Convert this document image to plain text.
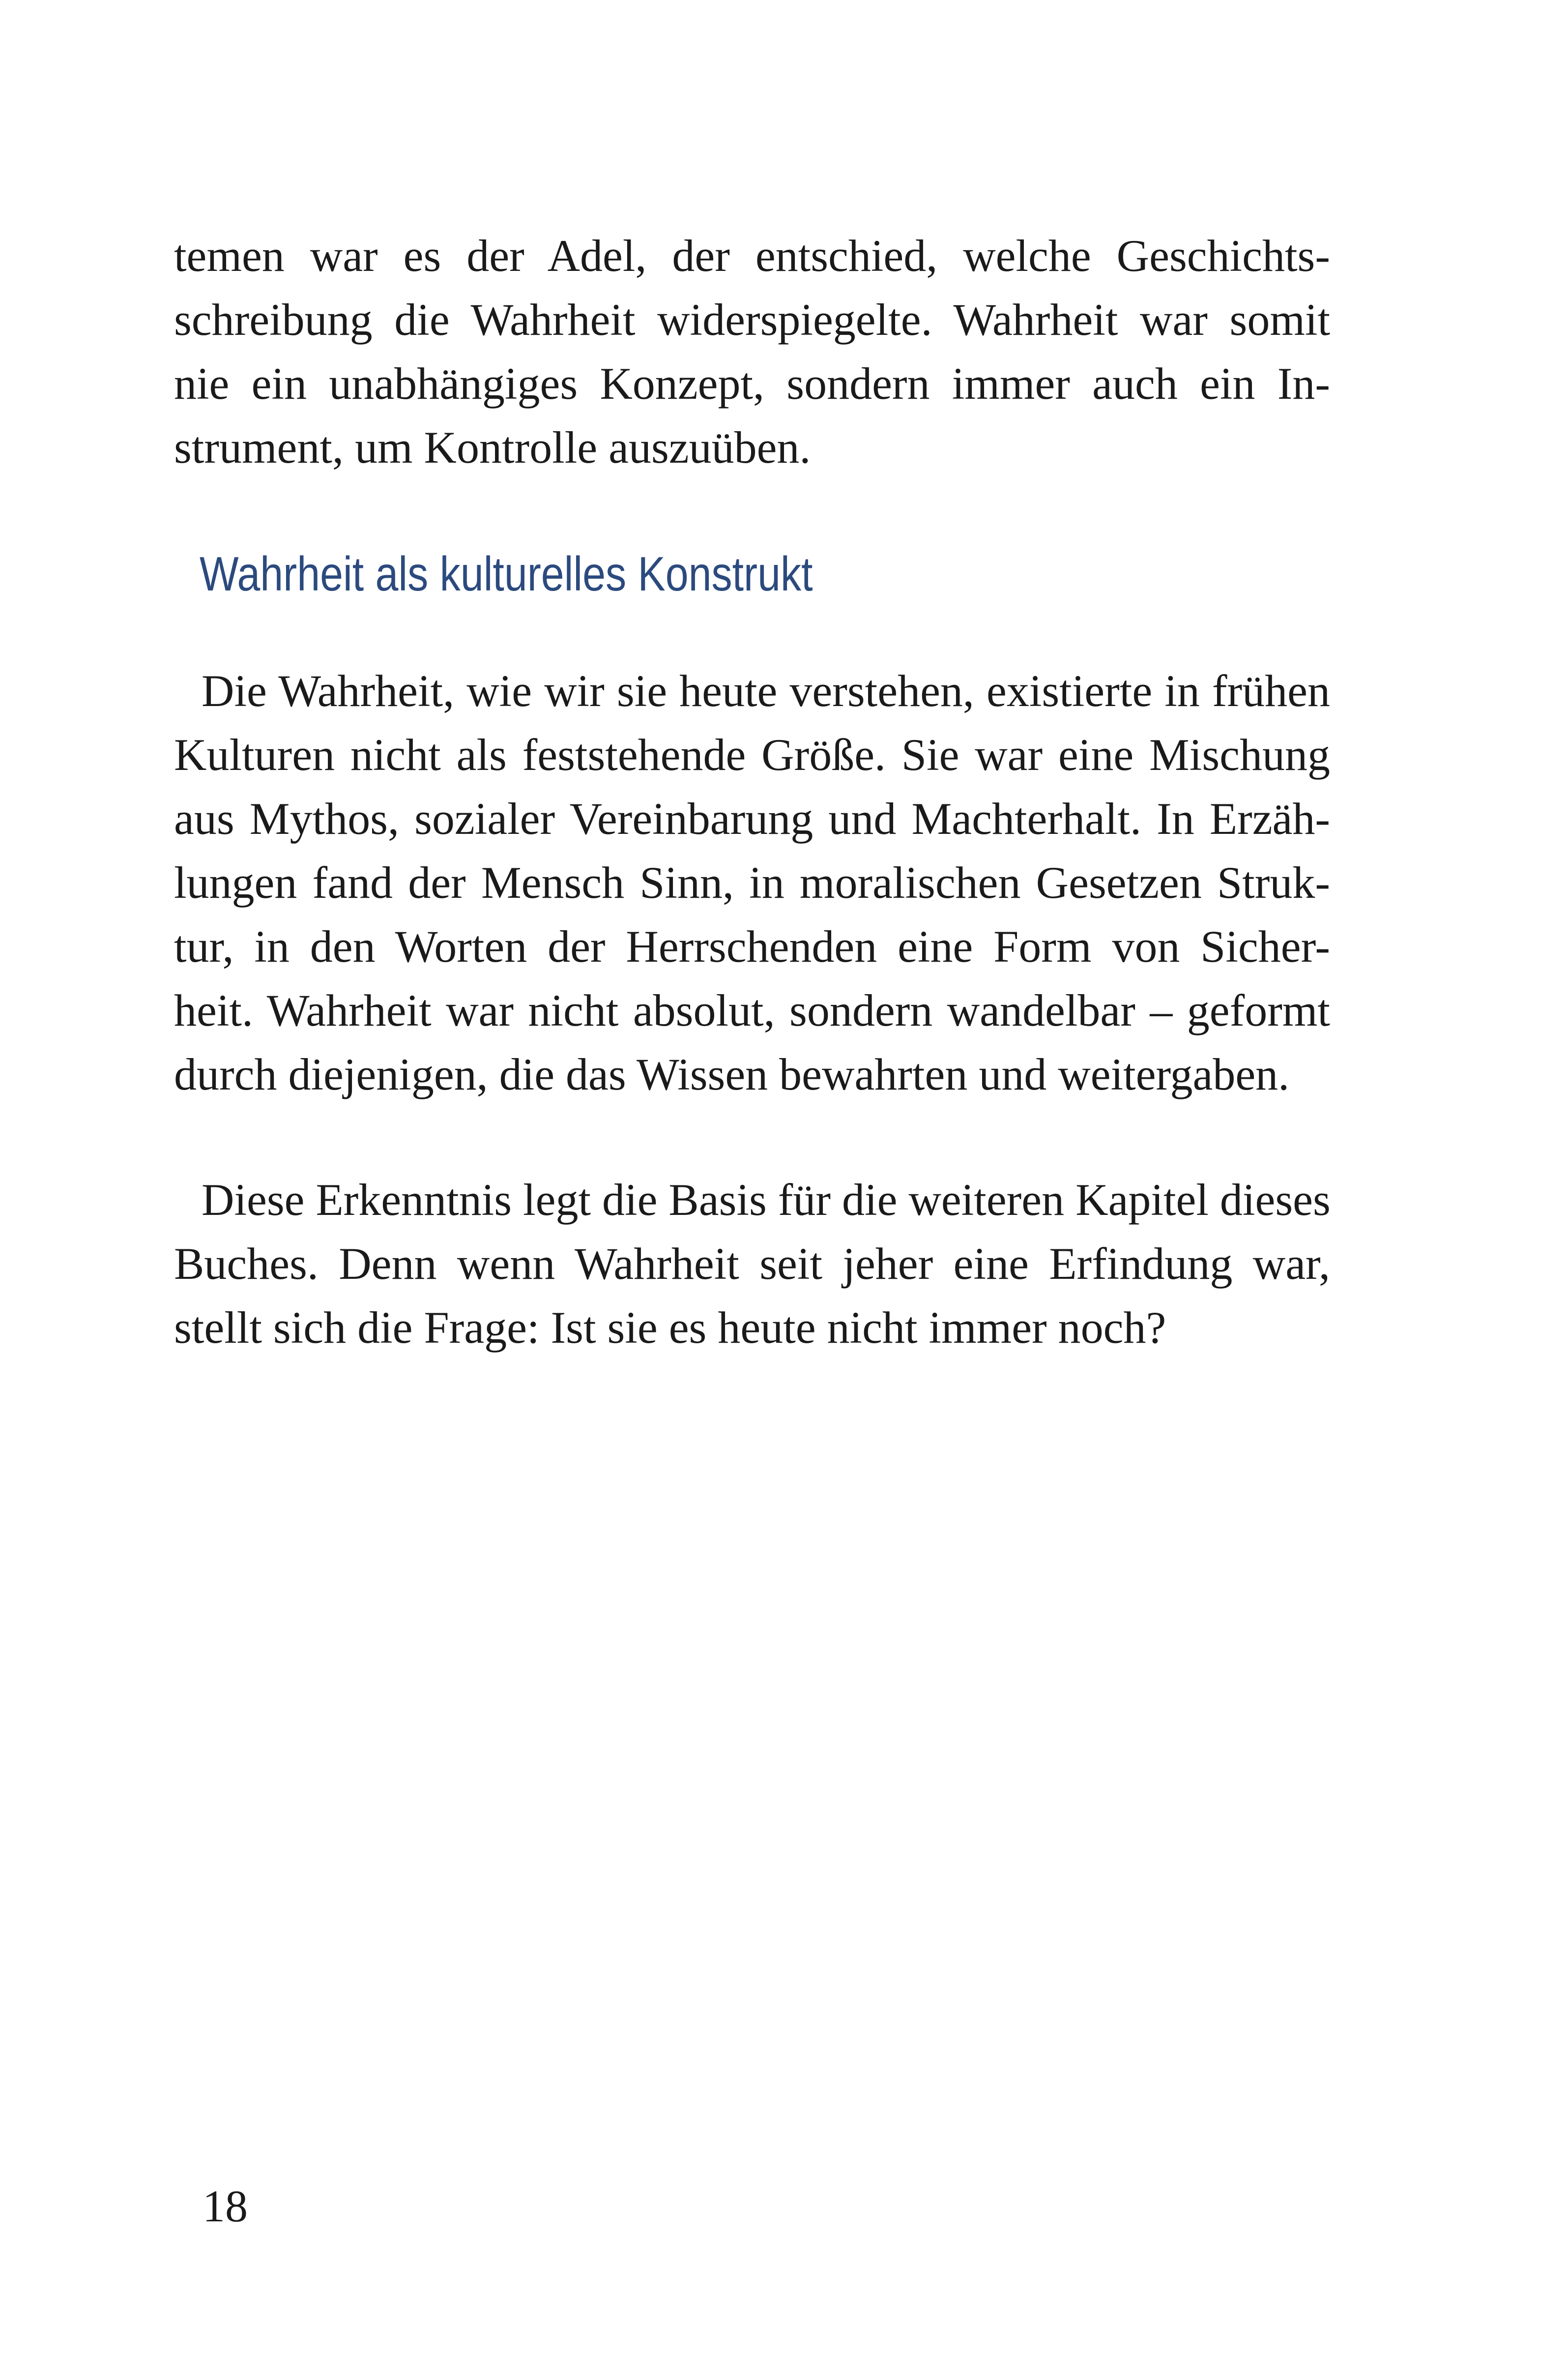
temen war es der Adel, der entschied, welche Geschichts-
schreibung die Wahrheit widerspiegelte. Wahrheit war somit
nie ein unabhängiges Konzept, sondern immer auch ein In-
strument, um Kontrolle auszuüben.
Wahrheit als kulturelles Konstrukt
Die Wahrheit, wie wir sie heute verstehen, existierte in frühen
Kulturen nicht als feststehende Größe. Sie war eine Mischung
aus Mythos, sozialer Vereinbarung und Machterhalt. In Erzäh-
lungen fand der Mensch Sinn, in moralischen Gesetzen Struk-
tur, in den Worten der Herrschenden eine Form von Sicher-
heit. Wahrheit war nicht absolut, sondern wandelbar – geformt
durch diejenigen, die das Wissen bewahrten und weitergaben.
Diese Erkenntnis legt die Basis für die weiteren Kapitel dieses
Buches. Denn wenn Wahrheit seit jeher eine Erfindung war,
stellt sich die Frage: Ist sie es heute nicht immer noch?
18
